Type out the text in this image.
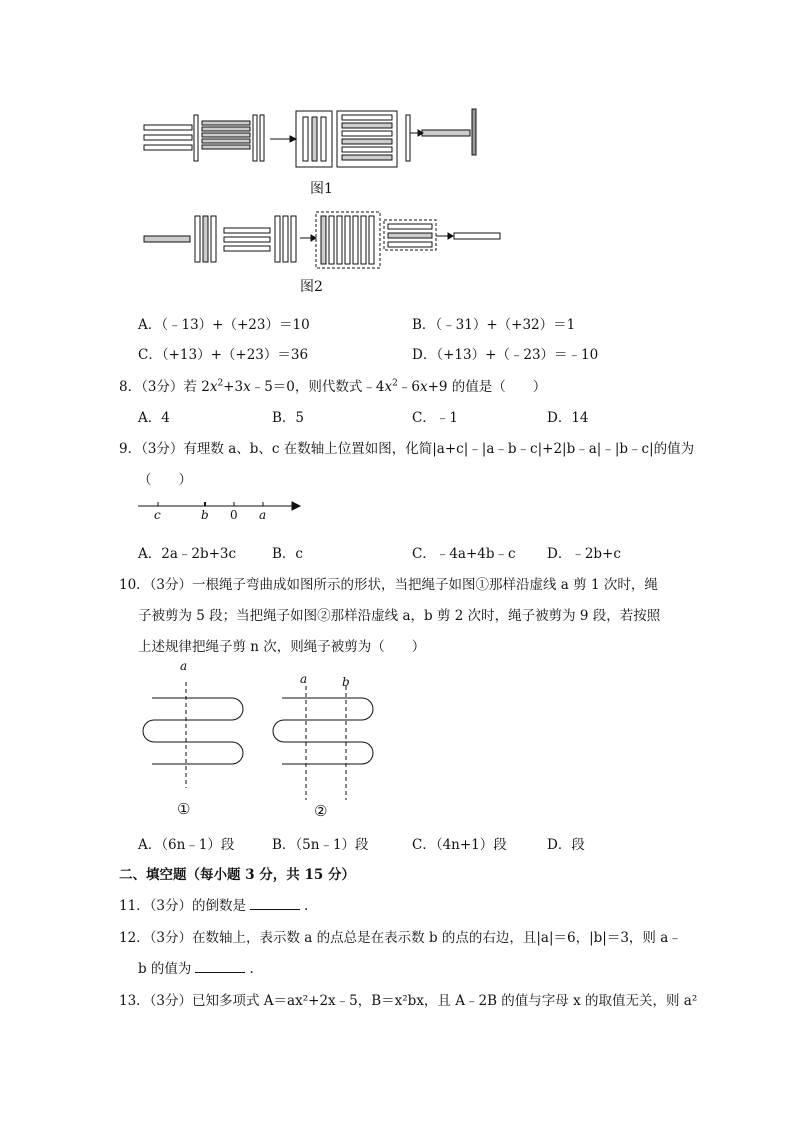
图1
图2
A．（﹣13）+（+23）＝10	B．（﹣31）+（+32）＝1
C．（+13）+（+23）＝36	D．（+13）+（﹣23）＝﹣10
8．（3分）若 $2x^2+3x﹣5=0$，则代数式$﹣4x^2﹣6x+9$ 的值是（　　）
A．4	B．5	C．﹣1	D．14
9．（3分）有理数 a、b、c 在数轴上位置如图，化简|a+c|﹣|a﹣b﹣c|+2|b﹣a|﹣|b﹣c|的值为
（　　）
c	b 0 a
A．2a﹣2b+3c	B．c	C．﹣4a+4b﹣c D．﹣2b+c
10．（3分）一根绳子弯曲成如图所示的形状，当把绳子如图①那样沿虚线 a 剪 1 次时，绳
子被剪为 5 段；当把绳子如图②那样沿虚线 a，b 剪 2 次时，绳子被剪为 9 段，若按照
上述规律把绳子剪 n 次，则绳子被剪为（　　）
a
①
a	b
②
A．（6n﹣1）段	B．（5n﹣1）段	C．（4n+1）段	D．段
二、填空题（每小题 3 分，共 15 分）
11．（3分）的倒数是	.
12．（3分）在数轴上，表示数 a 的点总是在表示数 b 的点的右边，且|a|＝6，|b|＝3，则 a﹣
b 的值为	.
13．（3分）已知多项式 A＝ax²+2x﹣5，B＝x²bx，且 A﹣2B 的值与字母 x 的取值无关，则 a²
